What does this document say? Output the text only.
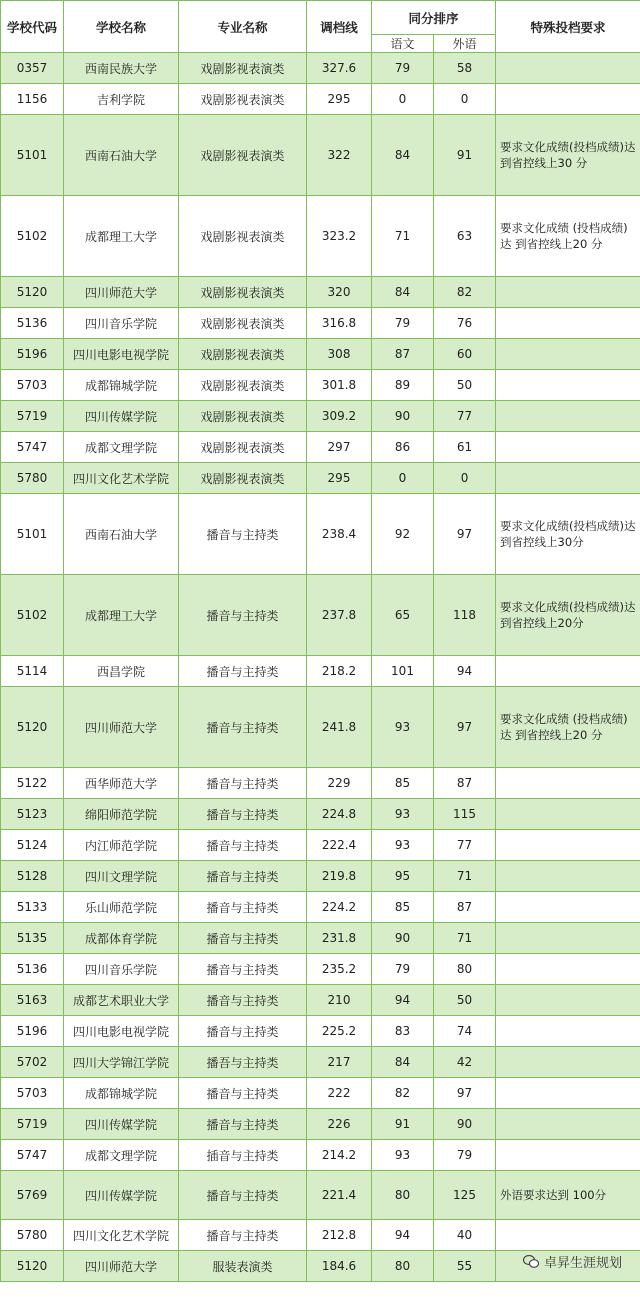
学校代码	学校名称	专业名称	调档线	同分排序		特殊投档要求
				语文	外语	
0357	西南民族大学	戏剧影视表演类	327.6	79	58	
1156	吉利学院	戏剧影视表演类	295	0	0	
5101	西南石油大学	戏剧影视表演类	322	84	91	要求文化成绩(投档成绩)达 到省控线上30 分
5102	成都理工大学	戏剧影视表演类	323.2	71	63	要求文化成绩 (投档成绩)达 到省控线上20 分
5120	四川师范大学	戏剧影视表演类	320	84	82	
5136	四川音乐学院	戏剧影视表演类	316.8	79	76	
5196	四川电影电视学院	戏剧影视表演类	308	87	60	
5703	成都锦城学院	戏剧影视表演类	301.8	89	50	
5719	四川传媒学院	戏剧影视表演类	309.2	90	77	
5747	成都文理学院	戏剧影视表演类	297	86	61	
5780	四川文化艺术学院	戏剧影视表演类	295	0	0	
5101	西南石油大学	播音与主持类	238.4	92	97	要求文化成绩(投档成绩)达 到省控线上30分
5102	成都理工大学	播音与主持类	237.8	65	118	要求文化成绩(投档成绩)达 到省控线上20分
5114	西昌学院	播音与主持类	218.2	101	94	
5120	四川师范大学	播音与主持类	241.8	93	97	要求文化成绩 (投档成绩)达 到省控线上20 分
5122	西华师范大学	播音与主持类	229	85	87	
5123	绵阳师范学院	播音与主持类	224.8	93	115	
5124	内江师范学院	播音与主持类	222.4	93	77	
5128	四川文理学院	播音与主持类	219.8	95	71	
5133	乐山师范学院	播音与主持类	224.2	85	87	
5135	成都体育学院	播音与主持类	231.8	90	71	
5136	四川音乐学院	播音与主持类	235.2	79	80	
5163	成都艺术职业大学	播音与主持类	210	94	50	
5196	四川电影电视学院	播音与主持类	225.2	83	74	
5702	四川大学锦江学院	播吾与主持类	217	84	42	
5703	成都锦城学院	播音与主持类	222	82	97	
5719	四川传媒学院	播音与主持类	226	91	90	
5747	成都文理学院	插音与主持类	214.2	93	79	
5769	四川传媒学院	播音与主持类	221.4	80	125	外语要求达到 100分
5780	四川文化艺术学院	播音与主持类	212.8	94	40	
5120	四川师范大学	服装表演类	184.6	80	55		卓昇生涯规划
